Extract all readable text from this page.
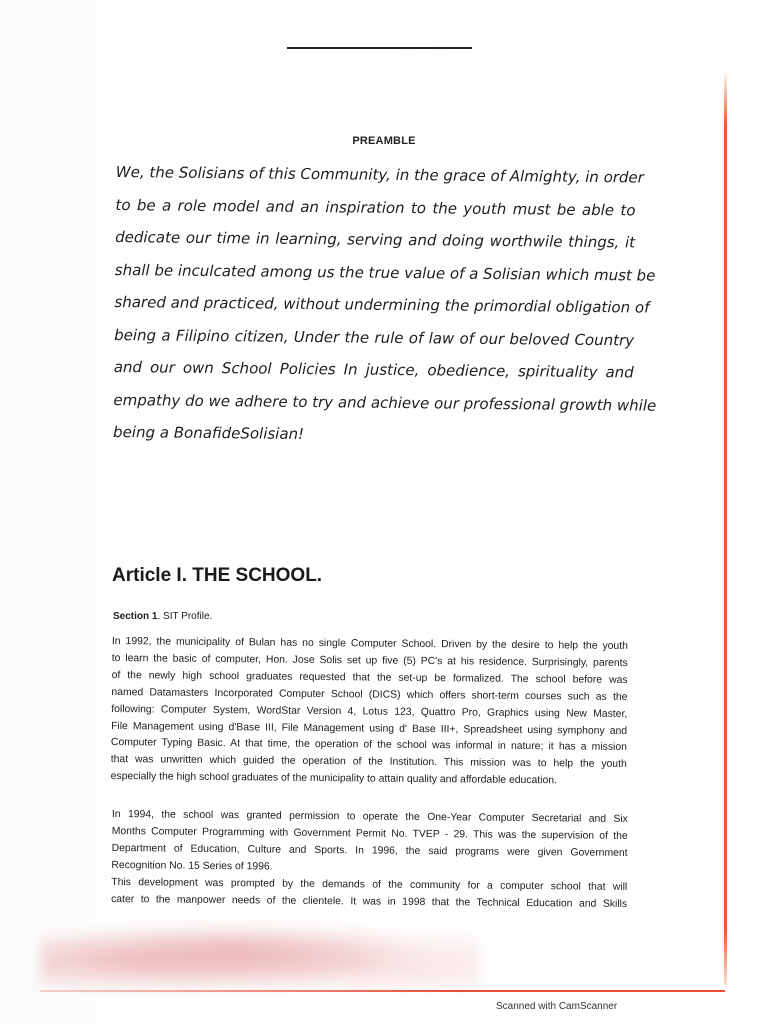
PREAMBLE
We, the Solisians of this Community, in the grace of Almighty, in order
to be a role model and an inspiration to the youth must be able to
dedicate our time in learning, serving and doing worthwile things, it
shall be inculcated among us the true value of a Solisian which must be
shared and practiced, without undermining the primordial obligation of
being a Filipino citizen, Under the rule of law of our beloved Country
and our own School Policies In justice, obedience, spirituality and
empathy do we adhere to try and achieve our professional growth while
being a BonafideSolisian!
Article I. THE SCHOOL.
Section 1. SIT Profile.
In 1992, the municipality of Bulan has no single Computer School. Driven by the desire to help the youth
to learn the basic of computer, Hon. Jose Solis set up five (5) PC's at his residence. Surprisingly, parents
of the newly high school graduates requested that the set-up be formalized. The school before was
named Datamasters Incorporated Computer School (DICS) which offers short-term courses such as the
following: Computer System, WordStar Version 4, Lotus 123, Quattro Pro, Graphics using New Master,
File Management using d'Base III, File Management using d' Base III+, Spreadsheet using symphony and
Computer Typing Basic. At that time, the operation of the school was informal in nature; it has a mission
that was unwritten which guided the operation of the Institution. This mission was to help the youth
especially the high school graduates of the municipality to attain quality and affordable education.
In 1994, the school was granted permission to operate the One-Year Computer Secretarial and Six
Months Computer Programming with Government Permit No. TVEP - 29. This was the supervision of the
Department of Education, Culture and Sports. In 1996, the said programs were given Government
Recognition No. 15 Series of 1996.
This development was prompted by the demands of the community for a computer school that will
cater to the manpower needs of the clientele. It was in 1998 that the Technical Education and Skills
Scanned with CamScanner
